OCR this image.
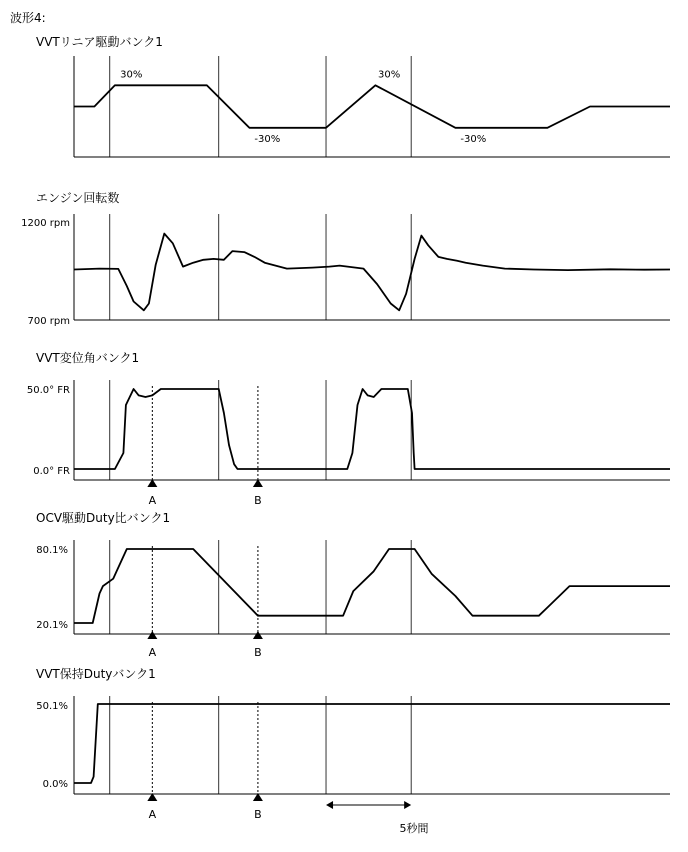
波形4:
VVTリニア駆動バンク1
30%
-30%
30%
-30%
エンジン回転数
1200 rpm
700 rpm
VVT変位角バンク1
50.0° FR
0.0° FR
A	B
OCV駆動Duty比バンク1
80.1%
20.1%
A	B
VVT保持Dutyバンク1
50.1%
0.0%
A	B
5秒間
